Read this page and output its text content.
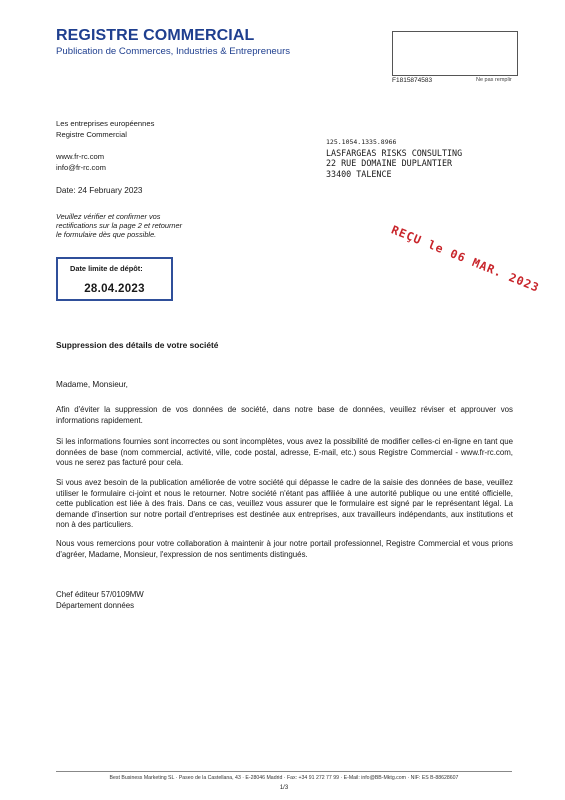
REGISTRE COMMERCIAL
Publication de Commerces, Industries & Entrepreneurs
F1815874583	Ne pas remplir
Les entreprises européennes
Registre Commercial
www.fr-rc.com
info@fr-rc.com
Date: 24 February 2023
Veuillez vérifier et confirmer vos rectifications sur la page 2 et retourner le formulaire dès que possible.
Date limite de dépôt:
28.04.2023
125.1054.1335.8966
LASFARGEAS RISKS CONSULTING
22 RUE DOMAINE DUPLANTIER
33400 TALENCE
REÇU le 06 MAR. 2023
Suppression des détails de votre société
Madame, Monsieur,
Afin d'éviter la suppression de vos données de société, dans notre base de données, veuillez réviser et approuver vos informations rapidement.
Si les informations fournies sont incorrectes ou sont incomplètes, vous avez la possibilité de modifier celles-ci en-ligne en tant que données de base (nom commercial, activité, ville, code postal, adresse, E-mail, etc.) sous Registre Commercial - www.fr-rc.com, vous ne serez pas facturé pour cela.
Si vous avez besoin de la publication améliorée de votre société qui dépasse le cadre de la saisie des données de base, veuillez utiliser le formulaire ci-joint et nous le retourner. Notre société n'étant pas affiliée à une autorité publique ou une entité officielle, cette publication est liée à des frais. Dans ce cas, veuillez vous assurer que le formulaire est signé par le représentant légal. La demande d'insertion sur notre portail d'entreprises est destinée aux entreprises, aux travailleurs indépendants, aux institutions et non à des particuliers.
Nous vous remercions pour votre collaboration à maintenir à jour notre portail professionnel, Registre Commercial et vous prions d'agréer, Madame, Monsieur, l'expression de nos sentiments distingués.
Chef éditeur 57/0109MW
Département données
Best Business Marketing SL · Paseo de la Castellana, 43 · E-28046 Madrid · Fax: +34 91 272 77 99 · E-Mail: info@BB-Mktg.com · NIF: ES B-88628607
1/3
